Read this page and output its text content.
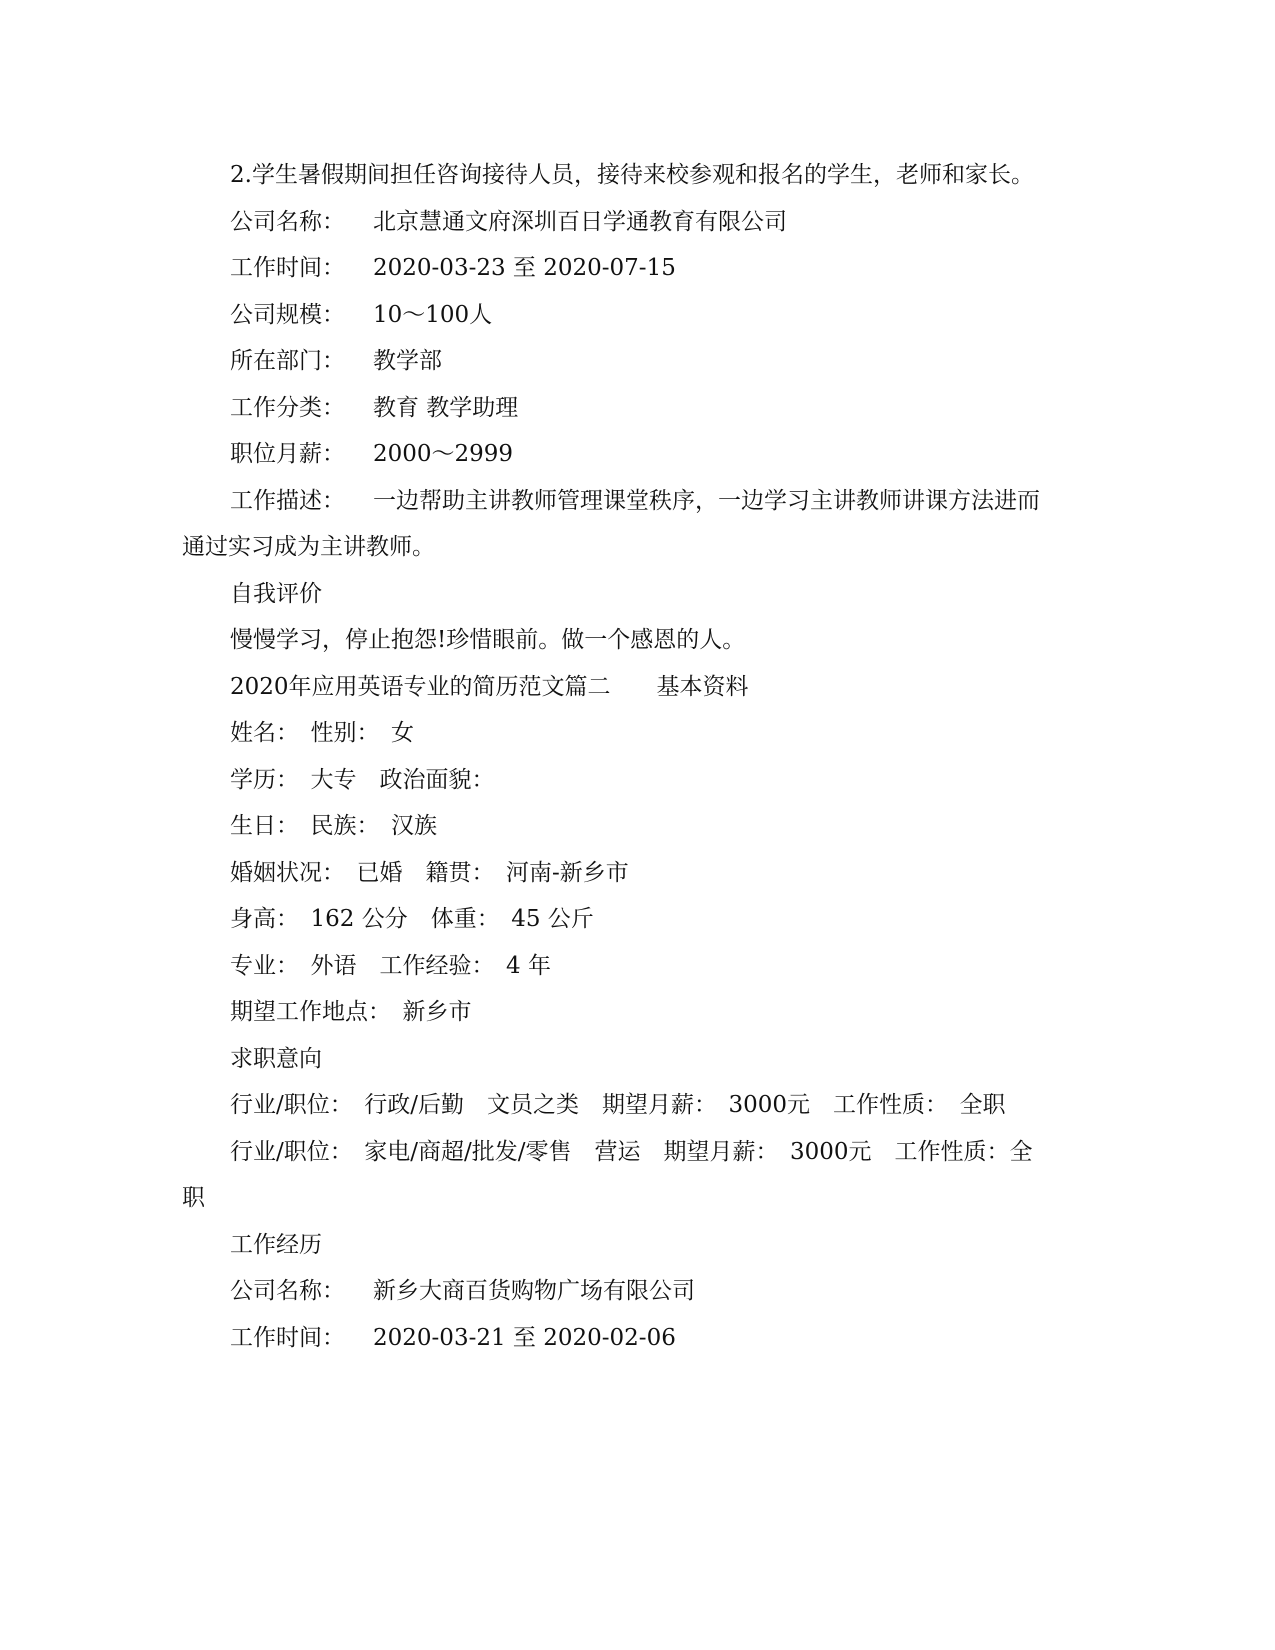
2.学生暑假期间担任咨询接待人员，接待来校参观和报名的学生，老师和家长。

公司名称： 北京慧通文府深圳百日学通教育有限公司

工作时间： 2020-03-23 至 2020-07-15

公司规模： 10～100人

所在部门： 教学部

工作分类： 教育 教学助理

职位月薪： 2000～2999

工作描述： 一边帮助主讲教师管理课堂秩序，一边学习主讲教师讲课方法进而通过实习成为主讲教师。

自我评价

慢慢学习，停止抱怨!珍惜眼前。做一个感恩的人。

2020年应用英语专业的简历范文篇二　　基本资料

姓名：　性别：　女

学历：　大专　政治面貌：

生日：　民族：　汉族

婚姻状况：　已婚　籍贯：　河南-新乡市

身高：　162 公分　体重：　45 公斤

专业：　外语　工作经验：　4 年

期望工作地点：　新乡市

求职意向

行业/职位：　行政/后勤　文员之类　期望月薪：　3000元　工作性质：　全职

行业/职位：　家电/商超/批发/零售　营运　期望月薪：　3000元　工作性质：全职

工作经历

公司名称： 新乡大商百货购物广场有限公司

工作时间： 2020-03-21 至 2020-02-06
